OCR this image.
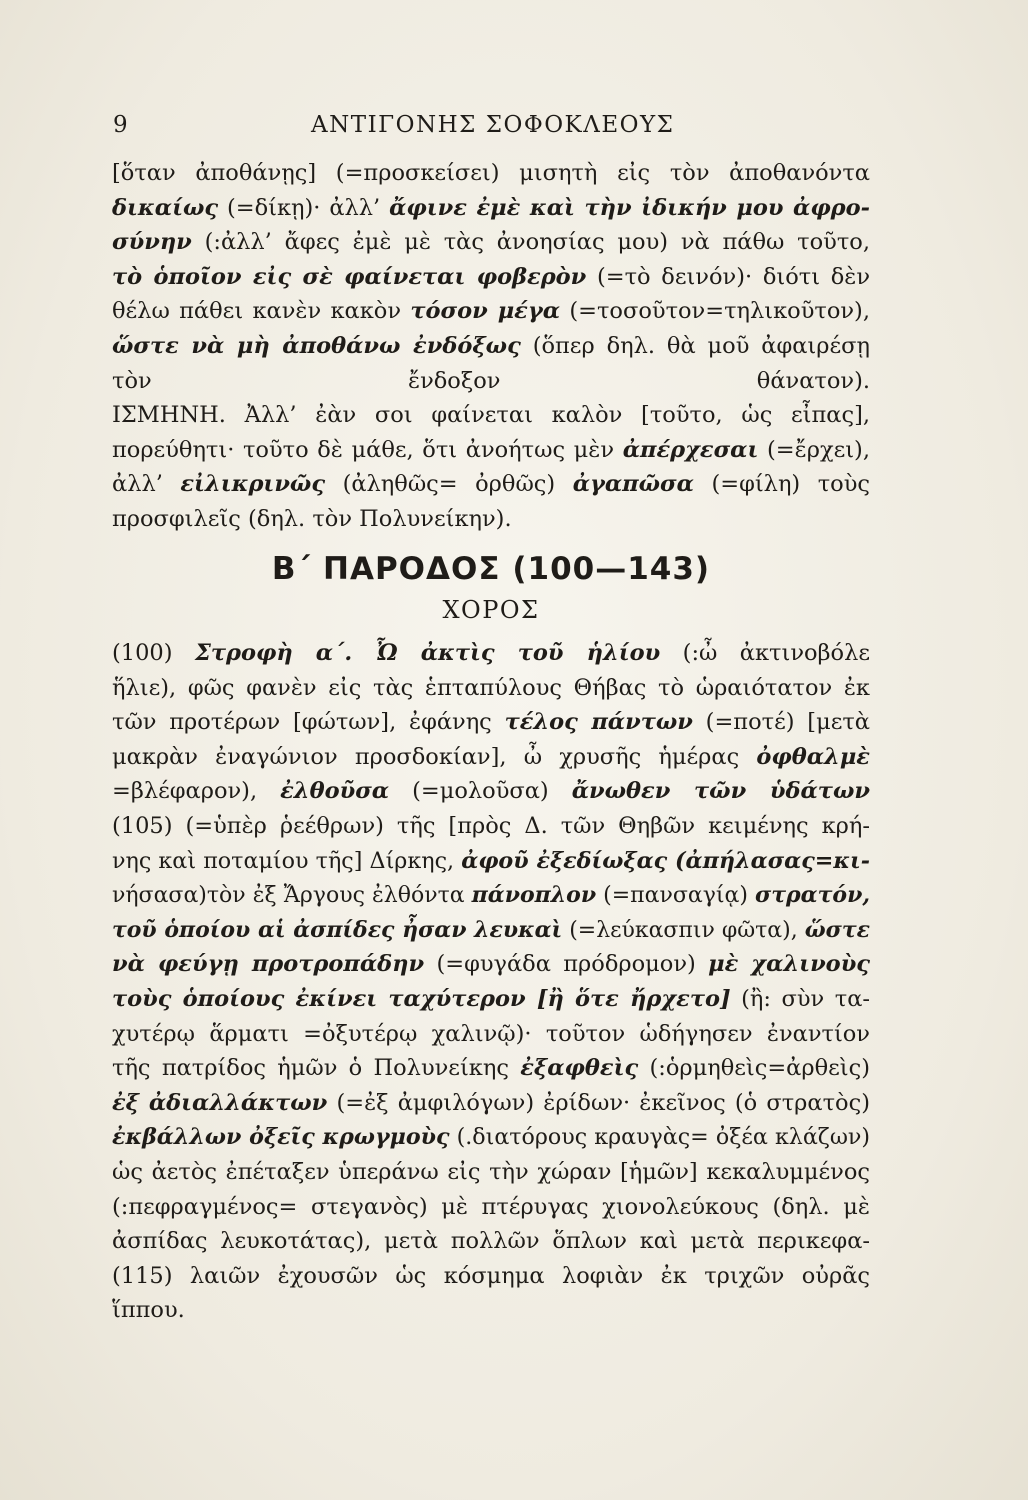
9	ΑΝΤΙΓΟΝΗΣ ΣΟΦΟΚΛΕΟΥΣ
[ὅταν ἀποθάνῃς] (=προσκείσει) μισητὴ εἰς τὸν ἀποθανόντα
δικαίως (=δίκῃ)· ἀλλ’ ἄφινε ἐμὲ καὶ τὴν ἰδικήν μου ἀφρο-
σύνην (:ἀλλ’ ἄφες ἐμὲ μὲ τὰς ἀνοησίας μου) νὰ πάθω τοῦτο,
τὸ ὁποῖον εἰς σὲ φαίνεται φοβερὸν (=τὸ δεινόν)· διότι δὲν
θέλω πάθει κανὲν κακὸν τόσον μέγα (=τοσοῦτον=τηλικοῦτον),
ὥστε νὰ μὴ ἀποθάνω ἐνδόξως (ὅπερ δηλ. θὰ μοῦ ἀφαιρέσῃ
τὸν ἔνδοξον θάνατον).
ΙΣΜΗΝΗ. Ἀλλ’ ἐὰν σοι φαίνεται καλὸν [τοῦτο, ὡς εἶπας],
πορεύθητι· τοῦτο δὲ μάθε, ὅτι ἀνοήτως μὲν ἀπέρχεσαι (=ἔρχει),
ἀλλ’ εἰλικρινῶς (ἀληθῶς= ὀρθῶς) ἀγαπῶσα (=φίλη) τοὺς
προσφιλεῖς (δηλ. τὸν Πολυνείκην).
Β΄ ΠΑΡΟΔΟΣ (100—143)
ΧΟΡΟΣ
(100) Στροφὴ α΄. Ὦ ἀκτὶς τοῦ ἡλίου (:ὦ ἀκτινοβόλε
ἥλιε), φῶς φανὲν εἰς τὰς ἑπταπύλους Θήβας τὸ ὡραιότατον ἐκ
τῶν προτέρων [φώτων], ἐφάνης τέλος πάντων (=ποτέ) [μετὰ
μακρὰν ἐναγώνιον προσδοκίαν], ὦ χρυσῆς ἡμέρας ὀφθαλμὲ
=βλέφαρον), ἐλθοῦσα (=μολοῦσα) ἄνωθεν τῶν ὑδάτων
(105) (=ὑπὲρ ῥεέθρων) τῆς [πρὸς Δ. τῶν Θηβῶν κειμένης κρή-
νης καὶ ποταμίου τῆς] Δίρκης, ἀφοῦ ἐξεδίωξας (ἀπήλασας=κι-
νήσασα)τὸν ἐξ Ἄργους ἐλθόντα πάνοπλον (=πανσαγίᾳ) στρατόν,
τοῦ ὁποίου αἱ ἀσπίδες ἦσαν λευκαὶ (=λεύκασπιν φῶτα), ὥστε
νὰ φεύγῃ προτροπάδην (=φυγάδα πρόδρομον) μὲ χαλινοὺς
τοὺς ὁποίους ἐκίνει ταχύτερον [ἢ ὅτε ἤρχετο] (ἢ: σὺν τα-
χυτέρῳ ἅρματι =ὀξυτέρῳ χαλινῷ)· τοῦτον ὡδήγησεν ἐναντίον
τῆς πατρίδος ἡμῶν ὁ Πολυνείκης ἐξαφθεὶς (:ὁρμηθεὶς=ἀρθεὶς)
ἐξ ἀδιαλλάκτων (=ἐξ ἀμφιλόγων) ἐρίδων· ἐκεῖνος (ὁ στρατὸς)
ἐκβάλλων ὀξεῖς κρωγμοὺς (.διατόρους κραυγὰς= ὀξέα κλάζων)
ὡς ἀετὸς ἐπέταξεν ὑπεράνω εἰς τὴν χώραν [ἡμῶν] κεκαλυμμένος
(:πεφραγμένος= στεγανὸς) μὲ πτέρυγας χιονολεύκους (δηλ. μὲ
ἀσπίδας λευκοτάτας), μετὰ πολλῶν ὅπλων καὶ μετὰ περικεφα-
(115) λαιῶν ἐχουσῶν ὡς κόσμημα λοφιὰν ἐκ τριχῶν οὐρᾶς
ἵππου.
